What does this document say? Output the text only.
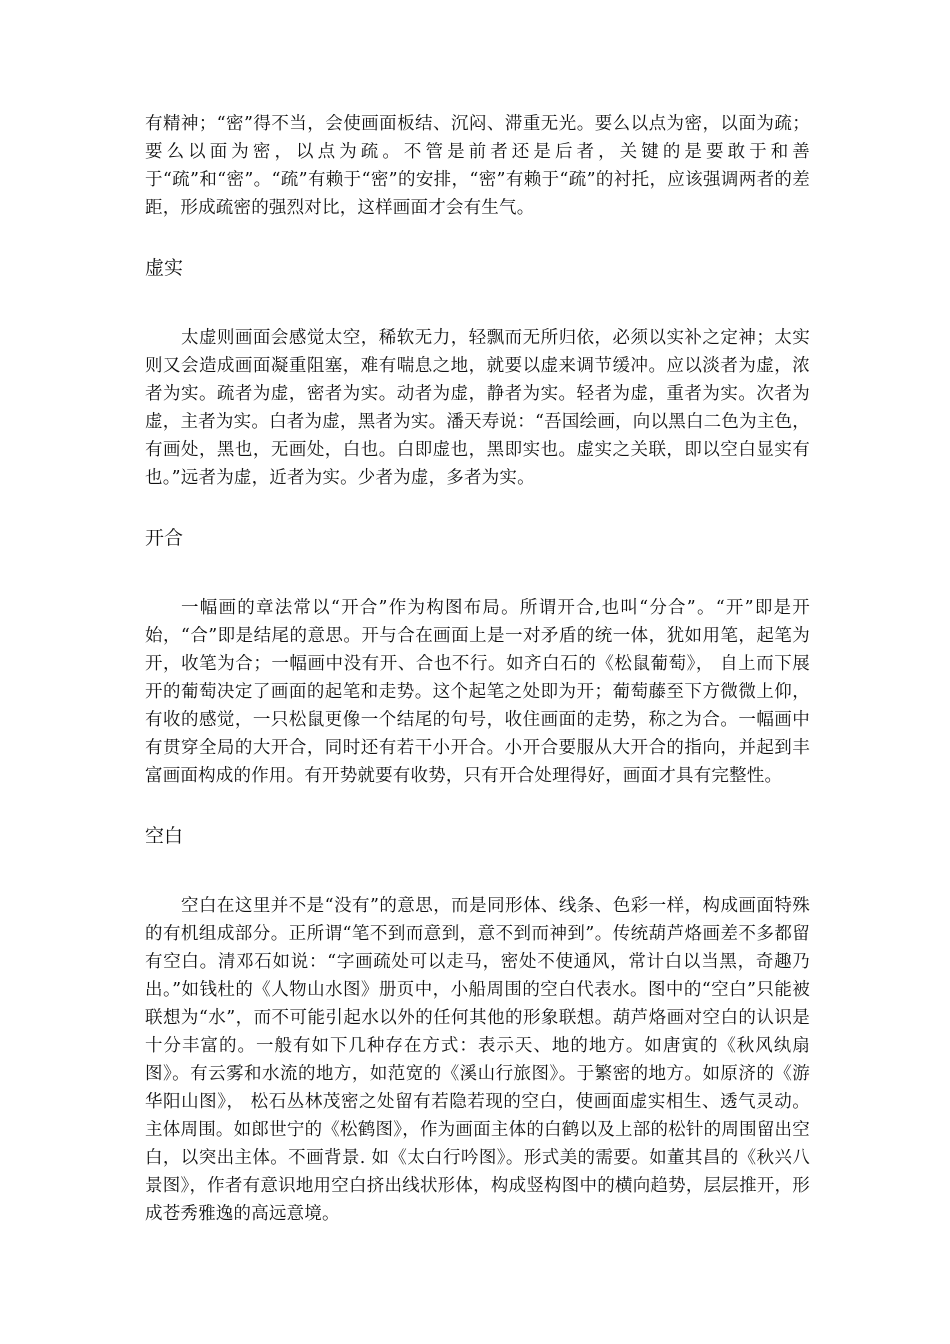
有精神；“密”得不当，会使画面板结、沉闷、滞重无光。要么以点为密，以面为疏；要么以面为密，以点为疏。不管是前者还是后者，关键的是要敢于和善于“疏”和“密”。“疏”有赖于“密”的安排，“密”有赖于“疏”的衬托，应该强调两者的差距，形成疏密的强烈对比，这样画面才会有生气。

虚实

太虚则画面会感觉太空，稀软无力，轻飘而无所归依，必须以实补之定神；太实则又会造成画面凝重阻塞，难有喘息之地，就要以虚来调节缓冲。应以淡者为虚，浓者为实。疏者为虚，密者为实。动者为虚，静者为实。轻者为虚，重者为实。次者为虚，主者为实。白者为虚，黑者为实。潘天寿说：“吾国绘画，向以黑白二色为主色，有画处，黑也，无画处，白也。白即虚也，黑即实也。虚实之关联，即以空白显实有也。”远者为虚，近者为实。少者为虚，多者为实。

开合

一幅画的章法常以“开合”作为构图布局。所谓开合,也叫“分合”。“开”即是开始，“合”即是结尾的意思。开与合在画面上是一对矛盾的统一体，犹如用笔，起笔为开，收笔为合；一幅画中没有开、合也不行。如齐白石的《松鼠葡萄》， 自上而下展开的葡萄决定了画面的起笔和走势。这个起笔之处即为开；葡萄藤至下方微微上仰，有收的感觉，一只松鼠更像一个结尾的句号，收住画面的走势，称之为合。一幅画中有贯穿全局的大开合，同时还有若干小开合。小开合要服从大开合的指向，并起到丰富画面构成的作用。有开势就要有收势，只有开合处理得好，画面才具有完整性。

空白

空白在这里并不是“没有”的意思，而是同形体、线条、色彩一样，构成画面特殊的有机组成部分。正所谓“笔不到而意到，意不到而神到”。传统葫芦烙画差不多都留有空白。清邓石如说：“字画疏处可以走马，密处不使通风，常计白以当黑，奇趣乃出。”如钱杜的《人物山水图》册页中，小船周围的空白代表水。图中的“空白”只能被联想为“水”，而不可能引起水以外的任何其他的形象联想。葫芦烙画对空白的认识是十分丰富的。一般有如下几种存在方式：表示天、地的地方。如唐寅的《秋风纨扇图》。有云雾和水流的地方，如范宽的《溪山行旅图》。于繁密的地方。如原济的《游华阳山图》， 松石丛林茂密之处留有若隐若现的空白，使画面虚实相生、透气灵动。 主体周围。如郎世宁的《松鹤图》，作为画面主体的白鹤以及上部的松针的周围留出空白，以突出主体。不画背景. 如《太白行吟图》。形式美的需要。如董其昌的《秋兴八景图》，作者有意识地用空白挤出线状形体，构成竖构图中的横向趋势，层层推开，形成苍秀雅逸的高远意境。
